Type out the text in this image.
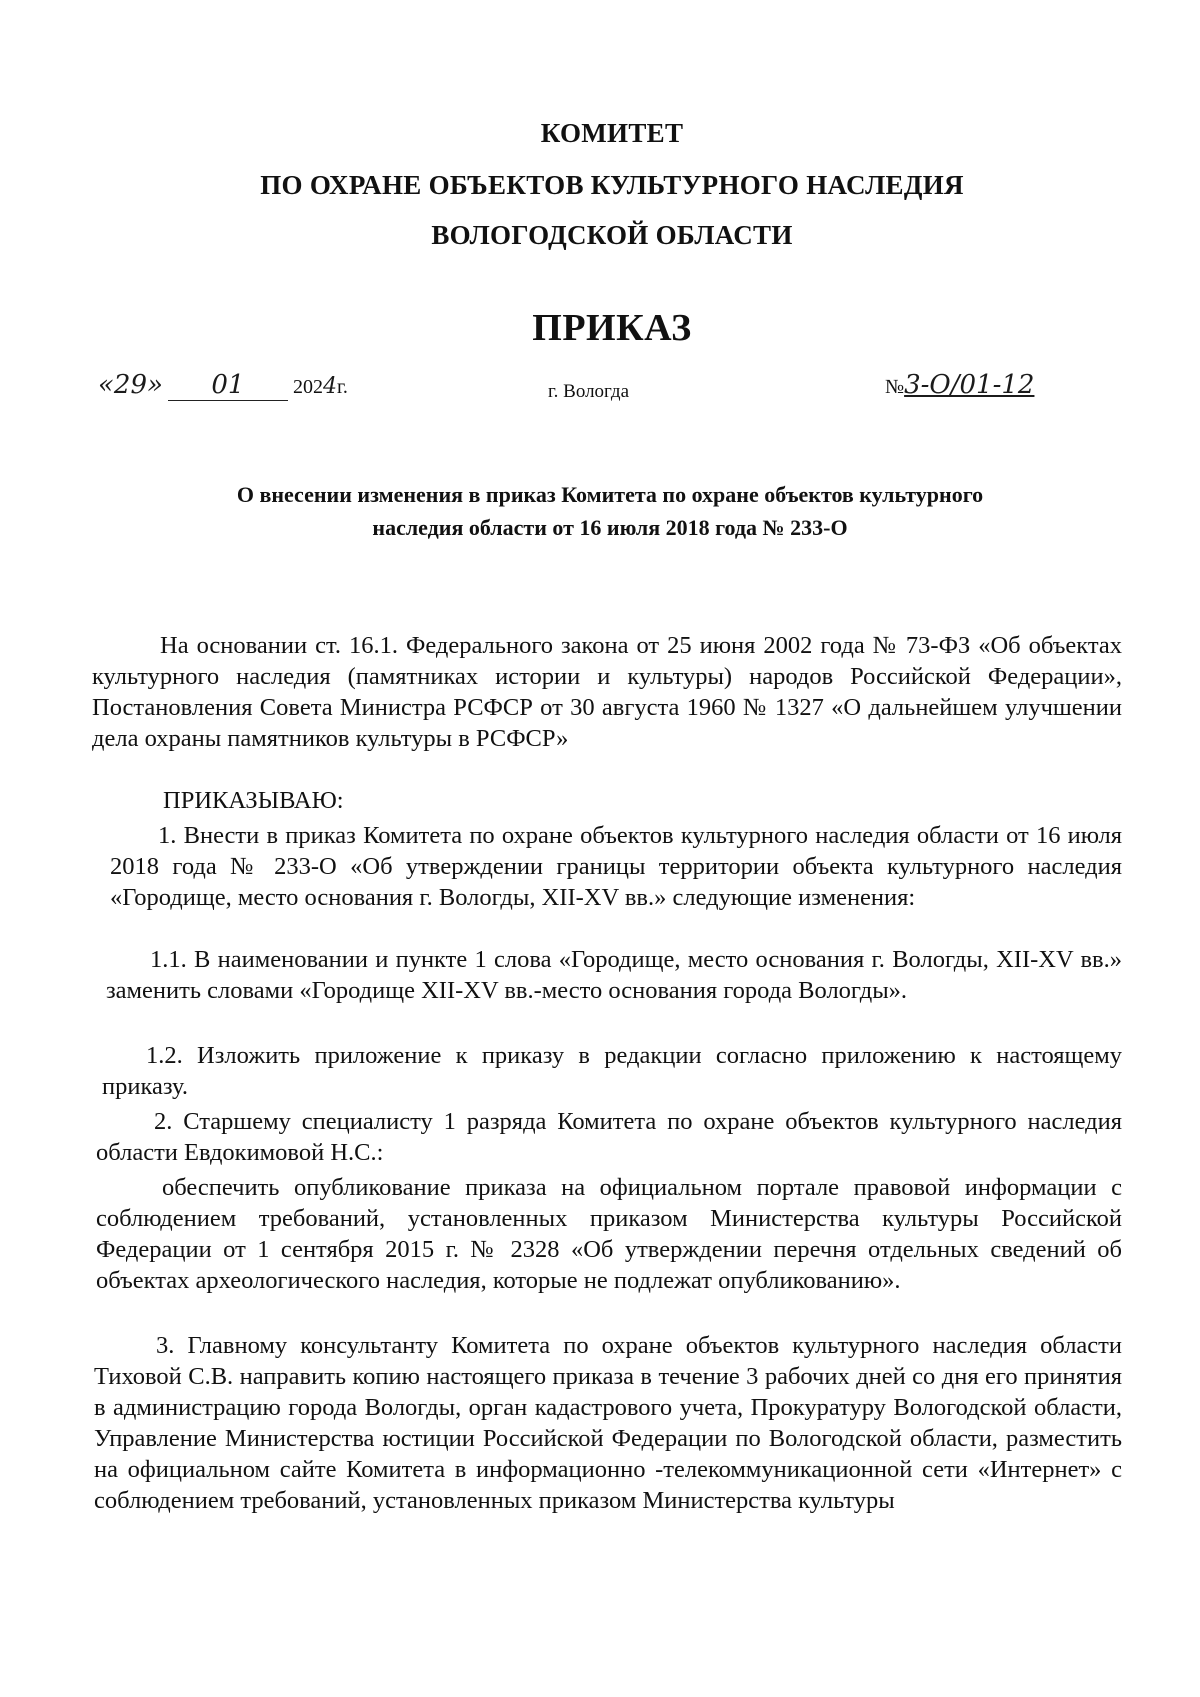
КОМИТЕТ
ПО ОХРАНЕ ОБЪЕКТОВ КУЛЬТУРНОГО НАСЛЕДИЯ
ВОЛОГОДСКОЙ ОБЛАСТИ
ПРИКАЗ
«29» 01 2024г.	г. Вологда	№3-О/01-12
О внесении изменения в приказ Комитета по охране объектов культурного
наследия области от 16 июля 2018 года № 233-О
На основании ст. 16.1. Федерального закона от 25 июня 2002 года № 73-ФЗ «Об объектах культурного наследия (памятниках истории и культуры) народов Российской Федерации», Постановления Совета Министра РСФСР от 30 августа 1960 № 1327 «О дальнейшем улучшении дела охраны памятников культуры в РСФСР»
ПРИКАЗЫВАЮ:
1. Внести в приказ Комитета по охране объектов культурного наследия области от 16 июля 2018 года № 233-О «Об утверждении границы территории объекта культурного наследия «Городище, место основания г. Вологды, XII-XV вв.» следующие изменения:
1.1. В наименовании и пункте 1 слова «Городище, место основания г. Вологды, XII-XV вв.» заменить словами «Городище XII-XV вв.-место основания города Вологды».
1.2. Изложить приложение к приказу в редакции согласно приложению к настоящему приказу.
2. Старшему специалисту 1 разряда Комитета по охране объектов культурного наследия области Евдокимовой Н.С.:
обеспечить опубликование приказа на официальном портале правовой информации с соблюдением требований, установленных приказом Министерства культуры Российской Федерации от 1 сентября 2015 г. № 2328 «Об утверждении перечня отдельных сведений об объектах археологического наследия, которые не подлежат опубликованию».
3. Главному консультанту Комитета по охране объектов культурного наследия области Тиховой С.В. направить копию настоящего приказа в течение 3 рабочих дней со дня его принятия в администрацию города Вологды, орган кадастрового учета, Прокуратуру Вологодской области, Управление Министерства юстиции Российской Федерации по Вологодской области, разместить на официальном сайте Комитета в информационно -телекоммуникационной сети «Интернет» с соблюдением требований, установленных приказом Министерства культуры
